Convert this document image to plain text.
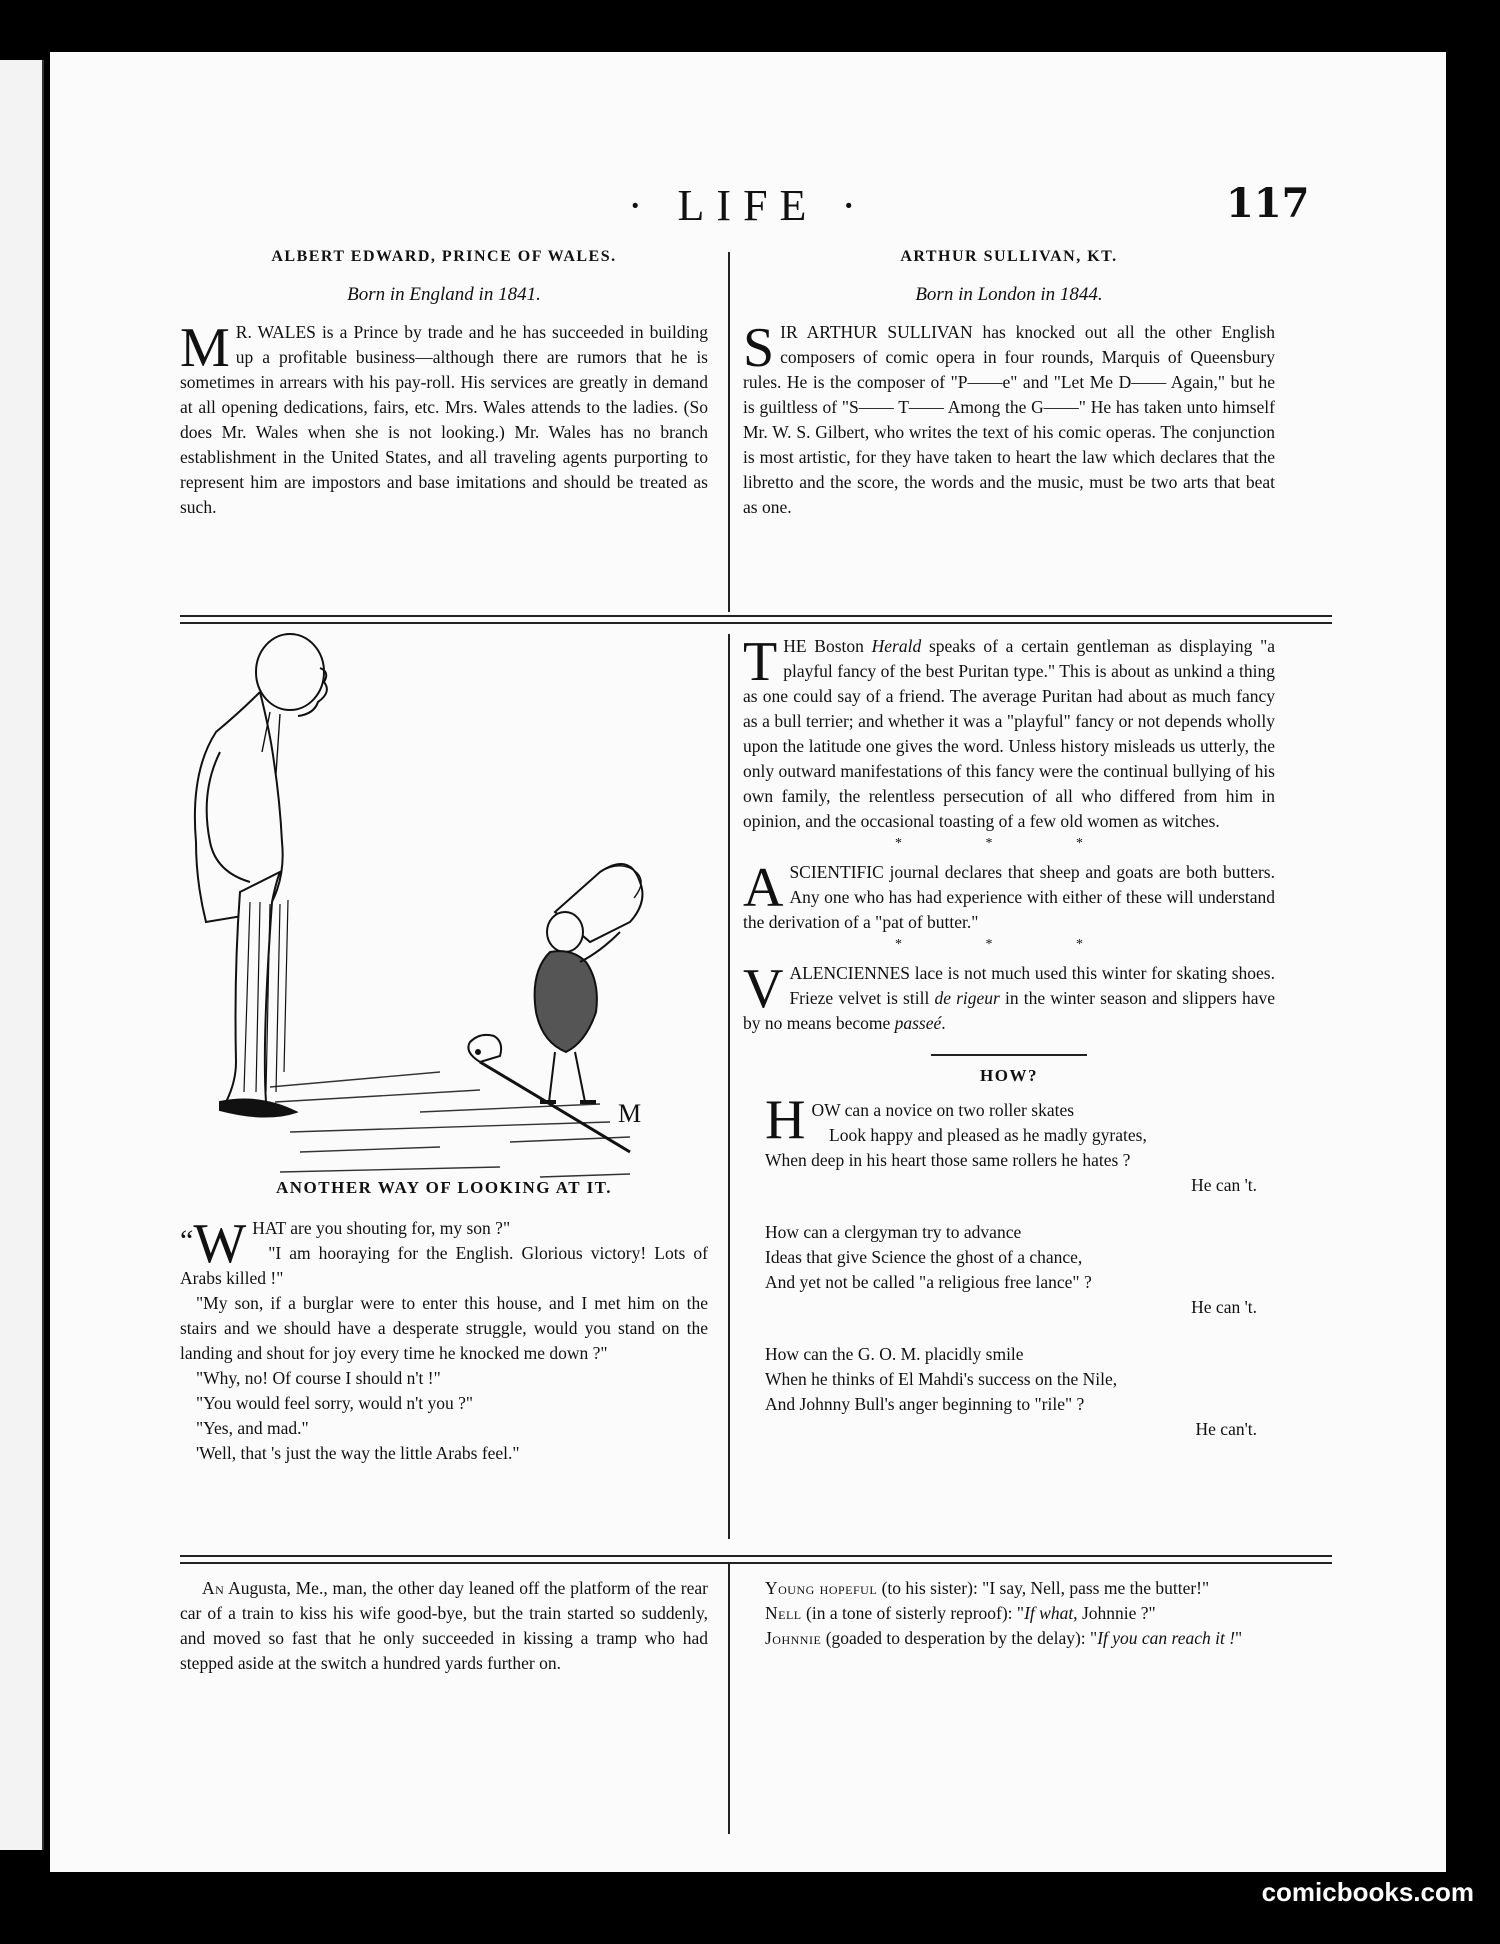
· LIFE ·	117
ALBERT EDWARD, PRINCE OF WALES.
Born in England in 1841.
M R. WALES is a Prince by trade and he has succeeded in building up a profitable business—although there are rumors that he is sometimes in arrears with his pay-roll. His services are greatly in demand at all opening dedications, fairs, etc. Mrs. Wales attends to the ladies. (So does Mr. Wales when she is not looking.) Mr. Wales has no branch establishment in the United States, and all traveling agents purporting to represent him are impostors and base imitations and should be treated as such.
ARTHUR SULLIVAN, KT.
Born in London in 1844.
SIR ARTHUR SULLIVAN has knocked out all the other English composers of comic opera in four rounds, Marquis of Queensbury rules. He is the composer of "P——e" and "Let Me D—— Again," but he is guiltless of "S—— T—— Among the G——" He has taken unto himself Mr. W. S. Gilbert, who writes the text of his comic operas. The conjunction is most artistic, for they have taken to heart the law which declares that the libretto and the score, the words and the music, must be two arts that beat as one.
M
ANOTHER WAY OF LOOKING AT IT.
“ W HAT are you shouting for, my son ?"
"I am hooraying for the English. Glorious victory! Lots of Arabs killed !"
"My son, if a burglar were to enter this house, and I met him on the stairs and we should have a desperate struggle, would you stand on the landing and shout for joy every time he knocked me down ?"
"Why, no! Of course I should n't !"
"You would feel sorry, would n't you ?"
"Yes, and mad."
'Well, that 's just the way the little Arabs feel."
THE Boston Herald speaks of a certain gentleman as displaying "a playful fancy of the best Puritan type." This is about as unkind a thing as one could say of a friend. The average Puritan had about as much fancy as a bull terrier; and whether it was a "playful" fancy or not depends wholly upon the latitude one gives the word. Unless history misleads us utterly, the only outward manifestations of this fancy were the continual bullying of his own family, the relentless persecution of all who differed from him in opinion, and the occasional toasting of a few old women as witches.
* * *
ASCIENTIFIC journal declares that sheep and goats are both butters. Any one who has had experience with either of these will understand the derivation of a "pat of butter."
* * *
VALENCIENNES lace is not much used this winter for skating shoes. Frieze velvet is still de rigeur in the winter season and slippers have by no means become passeé.
HOW?
HOW can a novice on two roller skates
Look happy and pleased as he madly gyrates,
When deep in his heart those same rollers he hates ?
He can 't.
How can a clergyman try to advance
Ideas that give Science the ghost of a chance,
And yet not be called "a religious free lance" ?
He can 't.
How can the G. O. M. placidly smile
When he thinks of El Mahdi's success on the Nile,
And Johnny Bull's anger beginning to "rile" ?
He can't.
An Augusta, Me., man, the other day leaned off the platform of the rear car of a train to kiss his wife good-bye, but the train started so suddenly, and moved so fast that he only succeeded in kissing a tramp who had stepped aside at the switch a hundred yards further on.
Young hopeful (to his sister): "I say, Nell, pass me the butter!"
Nell (in a tone of sisterly reproof): "If what, Johnnie ?"
Johnnie (goaded to desperation by the delay): "If you can reach it !"
comicbooks.com
